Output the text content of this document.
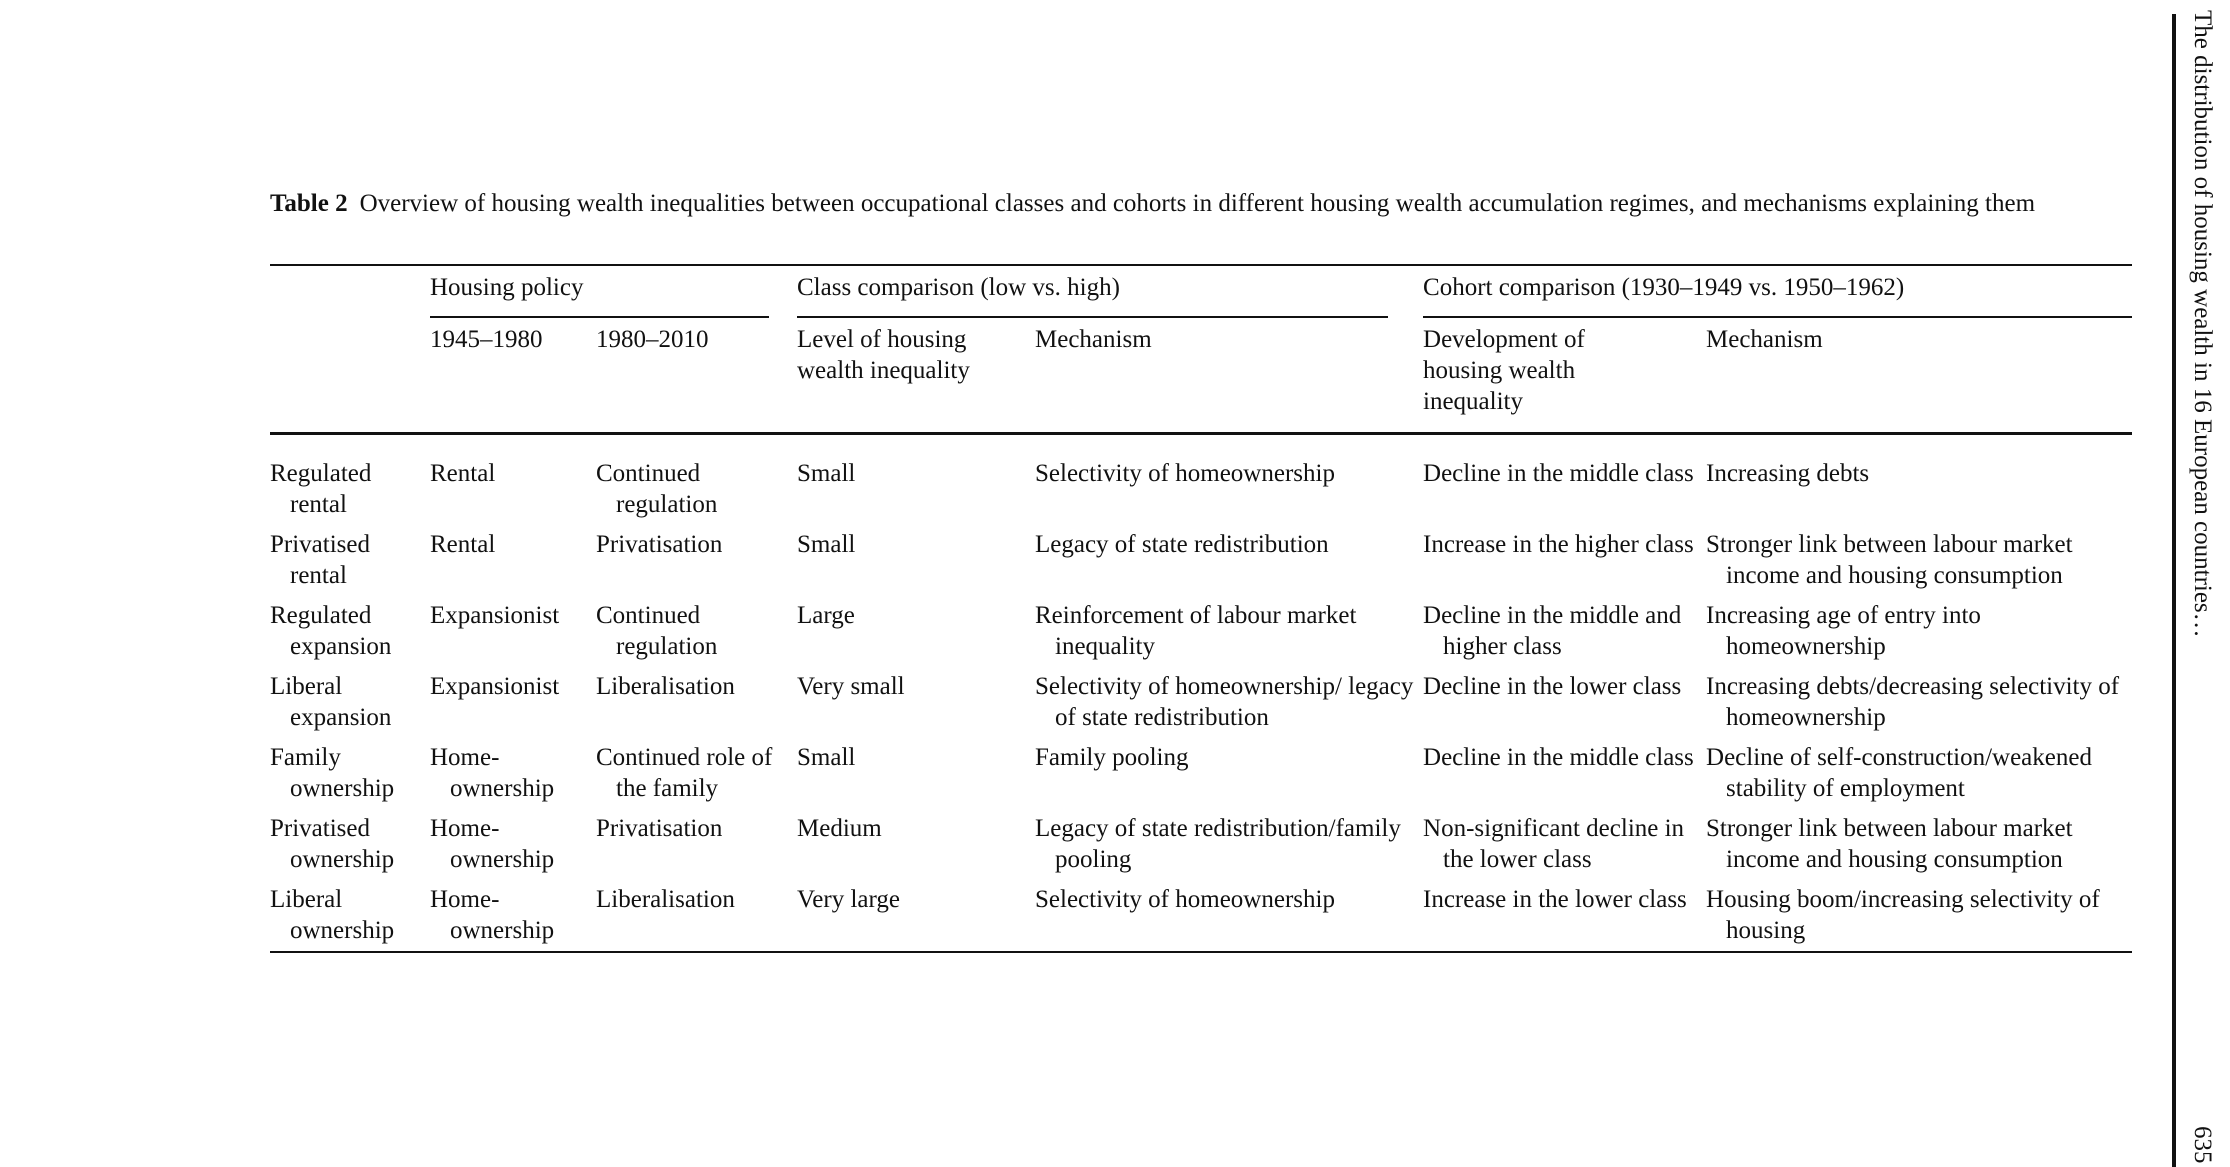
Table 2 Overview of housing wealth inequalities between occupational classes and cohorts in different housing wealth accumulation regimes, and mechanisms explaining them
	Housing policy		Class comparison (low vs. high)		Cohort comparison (1930–1949 vs. 1950–1962)	
	1945–1980	1980–2010	Level of housing wealth inequality	Mechanism	Development of housing wealth inequality	Mechanism
Regulated rental	Rental	Continued regulation	Small	Selectivity of homeownership	Decline in the middle class	Increasing debts
Privatised rental	Rental	Privatisation	Small	Legacy of state redistribution	Increase in the higher class	Stronger link between labour market income and housing consumption
Regulated expansion	Expansionist	Continued regulation	Large	Reinforcement of labour market inequality	Decline in the middle and higher class	Increasing age of entry into homeownership
Liberal expansion	Expansionist	Liberalisation	Very small	Selectivity of homeownership/ legacy of state redistribution	Decline in the lower class	Increasing debts/decreasing selectivity of homeownership
Family ownership	Home-ownership	Continued role of the family	Small	Family pooling	Decline in the middle class	Decline of self-construction/weakened stability of employment
Privatised ownership	Home-ownership	Privatisation	Medium	Legacy of state redistribution/family pooling	Non-significant decline in the lower class	Stronger link between labour market income and housing consumption
Liberal ownership	Home-ownership	Liberalisation	Very large	Selectivity of homeownership	Increase in the lower class	Housing boom/increasing selectivity of housing
The distribution of housing wealth in 16 European countries…
635
